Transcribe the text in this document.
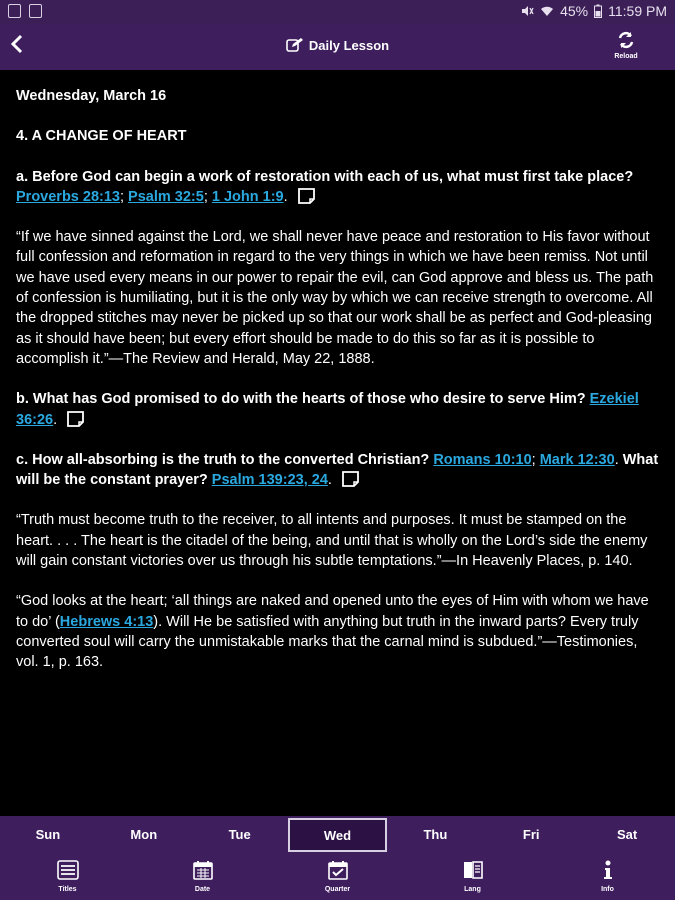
45% 11:59 PM
Daily Lesson
Reload

Wednesday, March 16

4. A CHANGE OF HEART

a. Before God can begin a work of restoration with each of us, what must first take place?
Proverbs 28:13; Psalm 32:5; 1 John 1:9.

“If we have sinned against the Lord, we shall never have peace and restoration to His favor without full confession and reformation in regard to the very things in which we have been remiss. Not until we have used every means in our power to repair the evil, can God approve and bless us. The path of confession is humiliating, but it is the only way by which we can receive strength to overcome. All the dropped stitches may never be picked up so that our work shall be as perfect and God-pleasing as it should have been; but every effort should be made to do this so far as it is possible to accomplish it.”—The Review and Herald, May 22, 1888.

b. What has God promised to do with the hearts of those who desire to serve Him? Ezekiel 36:26.

c. How all-absorbing is the truth to the converted Christian? Romans 10:10; Mark 12:30. What will be the constant prayer? Psalm 139:23, 24.

“Truth must become truth to the receiver, to all intents and purposes. It must be stamped on the heart. . . . The heart is the citadel of the being, and until that is wholly on the Lord’s side the enemy will gain constant victories over us through his subtle temptations.”—In Heavenly Places, p. 140.

“God looks at the heart; ‘all things are naked and opened unto the eyes of Him with whom we have to do’ (Hebrews 4:13). Will He be satisfied with anything but truth in the inward parts? Every truly converted soul will carry the unmistakable marks that the carnal mind is subdued.”—Testimonies, vol. 1, p. 163.

Sun	Mon	Tue	Wed	Thu	Fri	Sat
Titles	Date	Quarter	Lang	Info
